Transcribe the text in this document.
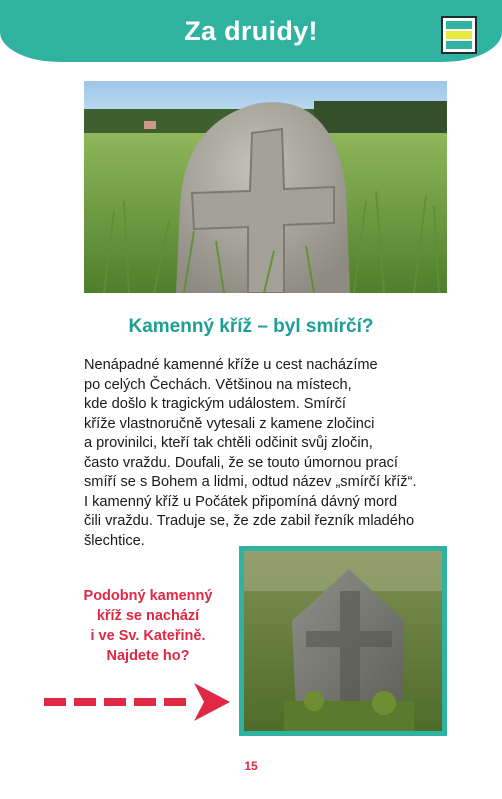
Za druidy!
Kamenný kříž – byl smírčí?

Nenápadné kamenné kříže u cest nacházíme

po celých Čechách. Většinou na místech,

kde došlo k tragickým událostem. Smírčí

kříže vlastnoručně vytesali z kamene zločinci

a provinilci, kteří tak chtěli odčinit svůj zločin,

často vraždu. Doufali, že se touto úmornou prací

smíří se s Bohem a lidmi, odtud název „smírčí kříž“.

I kamenný kříž u Počátek připomíná dávný mord

čili vraždu. Traduje se, že zde zabil řezník mladého

šlechtice.

Podobný kamenný

kříž se nachází

i ve Sv. Kateřině.

Najdete ho?

15
